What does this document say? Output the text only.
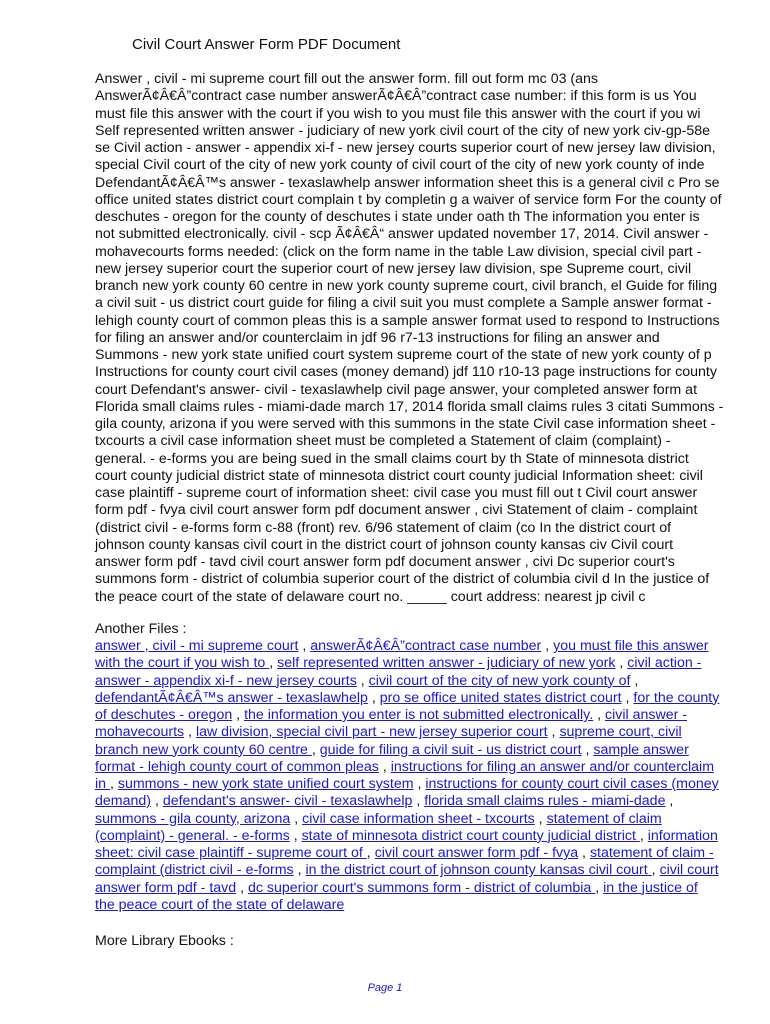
Civil Court Answer Form PDF Document
Answer , civil - mi supreme court fill out the answer form. fill out form mc 03 (ans
AnswerÃ¢Â€Â”contract case number answerÃ¢Â€Â”contract case number: if this form is us You
must file this answer with the court if you wish to you must file this answer with the court if you wi
Self represented written answer - judiciary of new york civil court of the city of new york civ-gp-58e
se Civil action - answer - appendix xi-f - new jersey courts superior court of new jersey law division,
special Civil court of the city of new york county of civil court of the city of new york county of inde
DefendantÃ¢Â€Â™s answer - texaslawhelp answer information sheet this is a general civil c Pro se
office united states district court complain t by completin g a waiver of service form For the county of
deschutes - oregon for the county of deschutes i state under oath th The information you enter is
not submitted electronically. civil - scp Ã¢Â€Â“ answer updated november 17, 2014. Civil answer -
mohavecourts forms needed: (click on the form name in the table Law division, special civil part -
new jersey superior court the superior court of new jersey law division, spe Supreme court, civil
branch new york county 60 centre in new york county supreme court, civil branch, el Guide for filing
a civil suit - us district court guide for filing a civil suit you must complete a Sample answer format -
lehigh county court of common pleas this is a sample answer format used to respond to Instructions
for filing an answer and/or counterclaim in jdf 96 r7-13 instructions for filing an answer and
Summons - new york state unified court system supreme court of the state of new york county of p
Instructions for county court civil cases (money demand) jdf 110 r10-13 page instructions for county
court Defendant's answer- civil - texaslawhelp civil page answer, your completed answer form at
Florida small claims rules - miami-dade march 17, 2014 florida small claims rules 3 citati Summons -
gila county, arizona if you were served with this summons in the state Civil case information sheet -
txcourts a civil case information sheet must be completed a Statement of claim (complaint) -
general. - e-forms you are being sued in the small claims court by th State of minnesota district
court county judicial district state of minnesota district court county judicial Information sheet: civil
case plaintiff - supreme court of information sheet: civil case you must fill out t Civil court answer
form pdf - fvya civil court answer form pdf document answer , civi Statement of claim - complaint
(district civil - e-forms form c-88 (front) rev. 6/96 statement of claim (co In the district court of
johnson county kansas civil court in the district court of johnson county kansas civ Civil court
answer form pdf - tavd civil court answer form pdf document answer , civi Dc superior court's
summons form - district of columbia superior court of the district of columbia civil d In the justice of
the peace court of the state of delaware court no. _____ court address: nearest jp civil c
Another Files :
answer , civil - mi supreme court , answerÃ¢Â€Â”contract case number , you must file this answer
with the court if you wish to , self represented written answer - judiciary of new york , civil action -
answer - appendix xi-f - new jersey courts , civil court of the city of new york county of ,
defendantÃ¢Â€Â™s answer - texaslawhelp , pro se office united states district court , for the county
of deschutes - oregon , the information you enter is not submitted electronically. , civil answer -
mohavecourts , law division, special civil part - new jersey superior court , supreme court, civil
branch new york county 60 centre , guide for filing a civil suit - us district court , sample answer
format - lehigh county court of common pleas , instructions for filing an answer and/or counterclaim
in , summons - new york state unified court system , instructions for county court civil cases (money
demand) , defendant's answer- civil - texaslawhelp , florida small claims rules - miami-dade ,
summons - gila county, arizona , civil case information sheet - txcourts , statement of claim
(complaint) - general. - e-forms , state of minnesota district court county judicial district , information
sheet: civil case plaintiff - supreme court of , civil court answer form pdf - fvya , statement of claim -
complaint (district civil - e-forms , in the district court of johnson county kansas civil court , civil court
answer form pdf - tavd , dc superior court's summons form - district of columbia , in the justice of
the peace court of the state of delaware
More Library Ebooks :
Page 1
